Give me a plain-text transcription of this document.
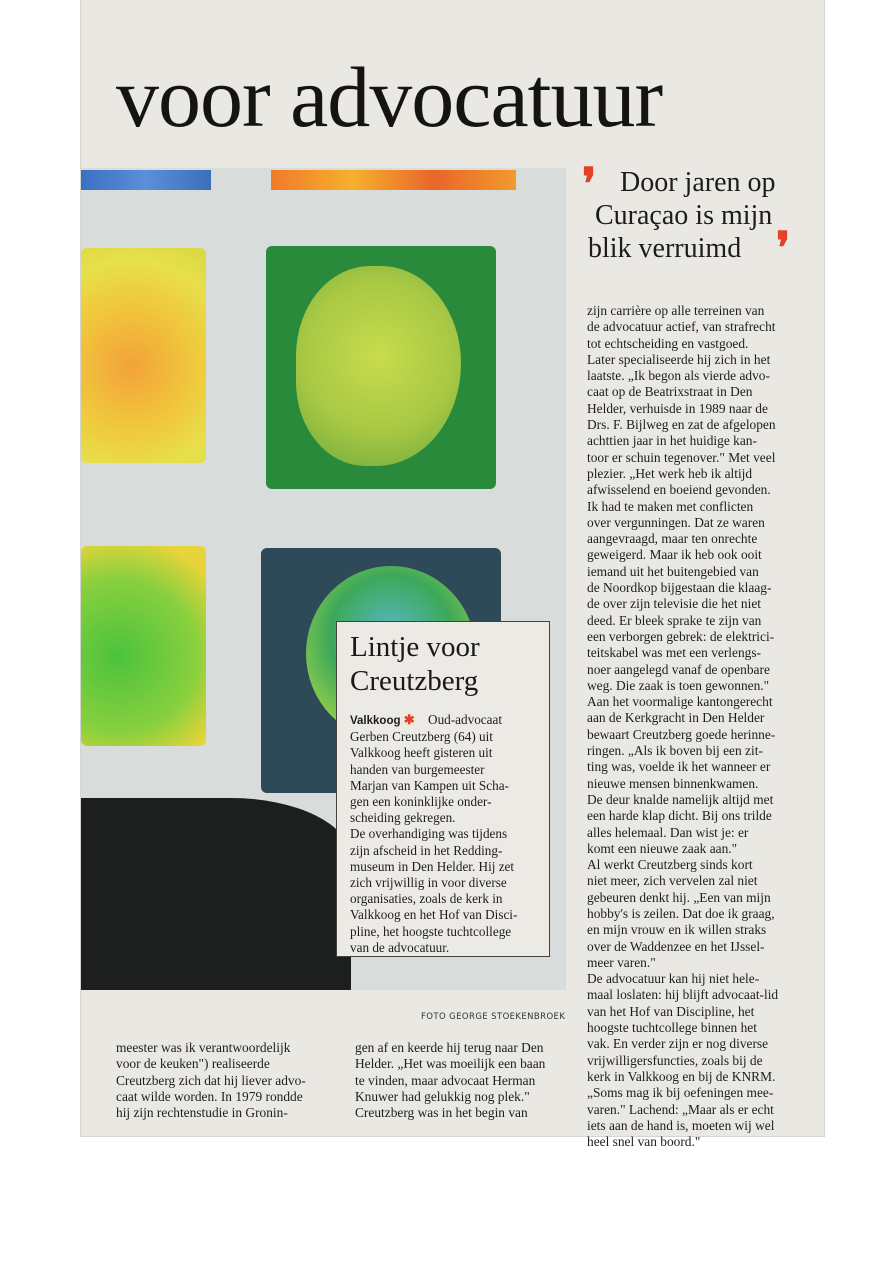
voor advocatuur
FOTO GEORGE STOEKENBROEK
❜ Door jaren op
Curaçao is mijn
blik verruimd ❜
zijn carrière op alle terreinen van
de advocatuur actief, van strafrecht
tot echtscheiding en vastgoed.
Later specialiseerde hij zich in het
laatste. „Ik begon als vierde advo-
caat op de Beatrixstraat in Den
Helder, verhuisde in 1989 naar de
Drs. F. Bijlweg en zat de afgelopen
achttien jaar in het huidige kan-
toor er schuin tegenover." Met veel
plezier. „Het werk heb ik altijd
afwisselend en boeiend gevonden.
Ik had te maken met conflicten
over vergunningen. Dat ze waren
aangevraagd, maar ten onrechte
geweigerd. Maar ik heb ook ooit
iemand uit het buitengebied van
de Noordkop bijgestaan die klaag-
de over zijn televisie die het niet
deed. Er bleek sprake te zijn van
een verborgen gebrek: de elektrici-
teitskabel was met een verlengs-
noer aangelegd vanaf de openbare
weg. Die zaak is toen gewonnen."
Aan het voormalige kantongerecht
aan de Kerkgracht in Den Helder
bewaart Creutzberg goede herinne-
ringen. „Als ik boven bij een zit-
ting was, voelde ik het wanneer er
nieuwe mensen binnenkwamen.
De deur knalde namelijk altijd met
een harde klap dicht. Bij ons trilde
alles helemaal. Dan wist je: er
komt een nieuwe zaak aan."
Al werkt Creutzberg sinds kort
niet meer, zich vervelen zal niet
gebeuren denkt hij. „Een van mijn
hobby's is zeilen. Dat doe ik graag,
en mijn vrouw en ik willen straks
over de Waddenzee en het IJssel-
meer varen."
De advocatuur kan hij niet hele-
maal loslaten: hij blijft advocaat-lid
van het Hof van Discipline, het
hoogste tuchtcollege binnen het
vak. En verder zijn er nog diverse
vrijwilligersfuncties, zoals bij de
kerk in Valkkoog en bij de KNRM.
„Soms mag ik bij oefeningen mee-
varen." Lachend: „Maar als er echt
iets aan de hand is, moeten wij wel
heel snel van boord."
Lintje voor
Creutzberg
Valkkoog ✱ Oud-advocaat
Gerben Creutzberg (64) uit
Valkkoog heeft gisteren uit
handen van burgemeester
Marjan van Kampen uit Scha-
gen een koninklijke onder-
scheiding gekregen.
De overhandiging was tijdens
zijn afscheid in het Redding-
museum in Den Helder. Hij zet
zich vrijwillig in voor diverse
organisaties, zoals de kerk in
Valkkoog en het Hof van Disci-
pline, het hoogste tuchtcollege
van de advocatuur.
meester was ik verantwoordelijk
voor de keuken") realiseerde
Creutzberg zich dat hij liever advo-
caat wilde worden. In 1979 rondde
hij zijn rechtenstudie in Gronin-
gen af en keerde hij terug naar Den
Helder. „Het was moeilijk een baan
te vinden, maar advocaat Herman
Knuwer had gelukkig nog plek."
Creutzberg was in het begin van
